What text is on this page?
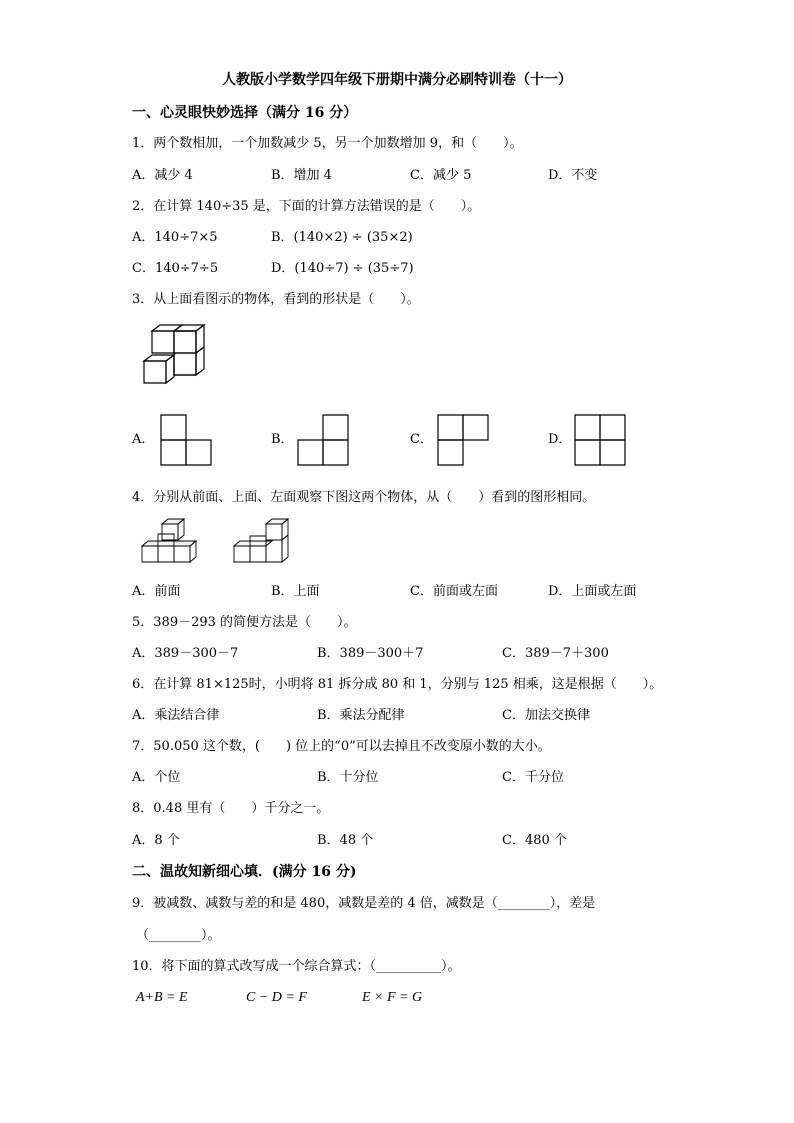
人教版小学数学四年级下册期中满分必刷特训卷（十一）
一、心灵眼快妙选择（满分 16 分）
1．两个数相加，一个加数减少 5，另一个加数增加 9，和（　　）。
A．减少 4	B．增加 4	C．减少 5	D．不变
2．在计算 140÷35 是，下面的计算方法错误的是（　　）。
A．140÷7×5	B．(140×2) ÷ (35×2)
C．140÷7÷5	D．(140÷7) ÷ (35÷7)
3．从上面看图示的物体，看到的形状是（　　）。
A．	B．	C．	D．
4．分别从前面、上面、左面观察下图这两个物体，从（　　）看到的图形相同。
A．前面	B．上面	C．前面或左面	D．上面或左面
5．389－293 的简便方法是（　　）。
A．389－300－7	B．389－300＋7	C．389－7＋300
6．在计算 81×125时，小明将 81 拆分成 80 和 1，分别与 125 相乘，这是根据（　　）。
A．乘法结合律	B．乘法分配律	C．加法交换律
7．50.050 这个数，(　　) 位上的“0”可以去掉且不改变原小数的大小。
A．个位	B．十分位	C．千分位
8．0.48 里有（　　）千分之一。
A．8 个	B．48 个	C．480 个
二、温故知新细心填．(满分 16 分)
9．被减数、减数与差的和是 480，减数是差的 4 倍，减数是（________），差是
（________）。
10．将下面的算式改写成一个综合算式：（__________）。
A+B = E	C − D = F	E × F = G
